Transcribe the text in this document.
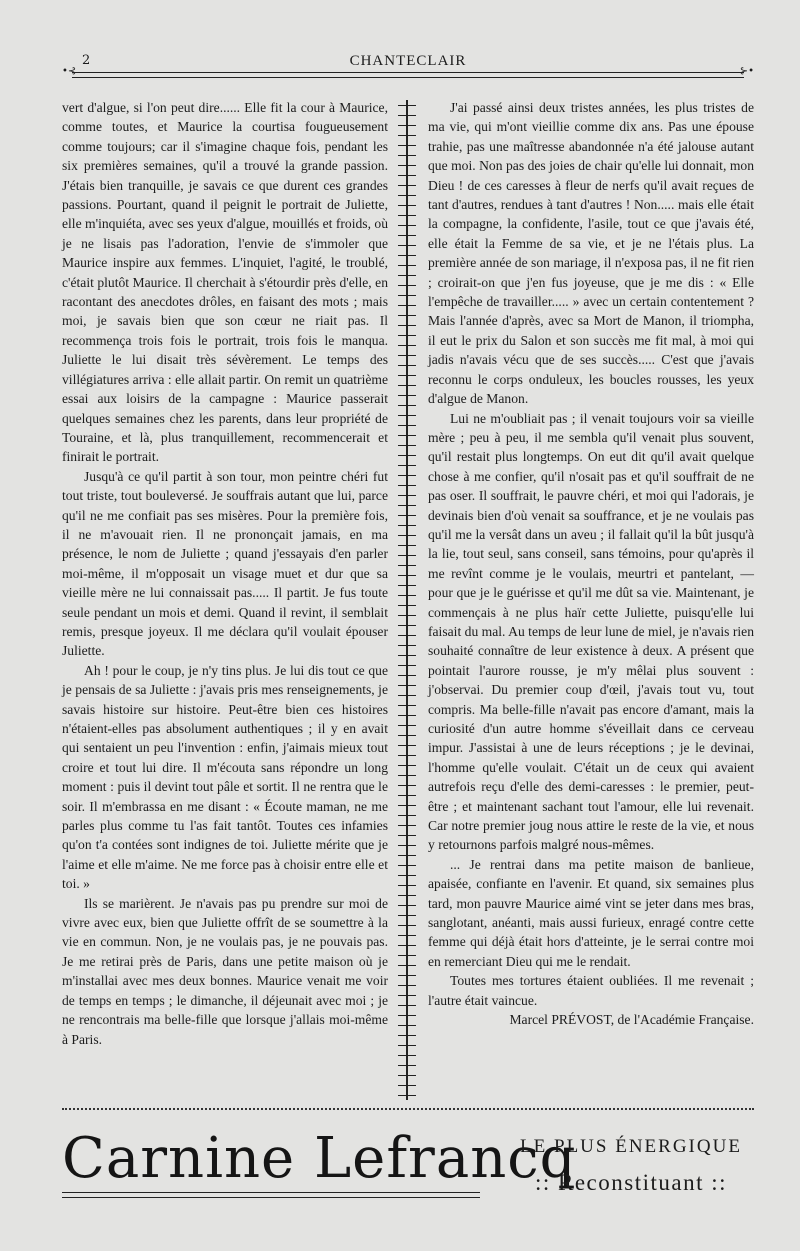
2	CHANTECLAIR
•⊰	⊱•

vert d'algue, si l'on peut dire...... Elle fit la cour à Maurice, comme toutes, et Maurice la courtisa fougueusement comme toujours; car il s'imagine chaque fois, pendant les six premières semaines, qu'il a trouvé la grande passion. J'étais bien tranquille, je savais ce que durent ces grandes passions. Pourtant, quand il peignit le portrait de Juliette, elle m'inquiéta, avec ses yeux d'algue, mouillés et froids, où je ne lisais pas l'adoration, l'envie de s'immoler que Maurice inspire aux femmes. L'inquiet, l'agité, le troublé, c'était plutôt Maurice. Il cherchait à s'étourdir près d'elle, en racontant des anecdotes drôles, en faisant des mots ; mais moi, je savais bien que son cœur ne riait pas. Il recommença trois fois le portrait, trois fois le manqua. Juliette le lui disait très sévèrement. Le temps des villégiatures arriva : elle allait partir. On remit un quatrième essai aux loisirs de la campagne : Maurice passerait quelques semaines chez les parents, dans leur propriété de Touraine, et là, plus tranquillement, recommencerait et finirait le portrait.

Jusqu'à ce qu'il partit à son tour, mon peintre chéri fut tout triste, tout bouleversé. Je souffrais autant que lui, parce qu'il ne me confiait pas ses misères. Pour la première fois, il ne m'avouait rien. Il ne prononçait jamais, en ma présence, le nom de Juliette ; quand j'essayais d'en parler moi-même, il m'opposait un visage muet et dur que sa vieille mère ne lui connaissait pas..... Il partit. Je fus toute seule pendant un mois et demi. Quand il revint, il semblait remis, presque joyeux. Il me déclara qu'il voulait épouser Juliette.

Ah ! pour le coup, je n'y tins plus. Je lui dis tout ce que je pensais de sa Juliette : j'avais pris mes renseignements, je savais histoire sur histoire. Peut-être bien ces histoires n'étaient-elles pas absolument authentiques ; il y en avait qui sentaient un peu l'invention : enfin, j'aimais mieux tout croire et tout lui dire. Il m'écouta sans répondre un long moment : puis il devint tout pâle et sortit. Il ne rentra que le soir. Il m'embrassa en me disant : « Écoute maman, ne me parles plus comme tu l'as fait tantôt. Toutes ces infamies qu'on t'a contées sont indignes de toi. Juliette mérite que je l'aime et elle m'aime. Ne me force pas à choisir entre elle et toi. »

Ils se marièrent. Je n'avais pas pu prendre sur moi de vivre avec eux, bien que Juliette offrît de se soumettre à la vie en commun. Non, je ne voulais pas, je ne pouvais pas. Je me retirai près de Paris, dans une petite maison où je m'installai avec mes deux bonnes. Maurice venait me voir de temps en temps ; le dimanche, il déjeunait avec moi ; je ne rencontrais ma belle-fille que lorsque j'allais moi-même à Paris.

J'ai passé ainsi deux tristes années, les plus tristes de ma vie, qui m'ont vieillie comme dix ans. Pas une épouse trahie, pas une maîtresse abandonnée n'a été jalouse autant que moi. Non pas des joies de chair qu'elle lui donnait, mon Dieu ! de ces caresses à fleur de nerfs qu'il avait reçues de tant d'autres, rendues à tant d'autres ! Non..... mais elle était la compagne, la confidente, l'asile, tout ce que j'avais été, elle était la Femme de sa vie, et je ne l'étais plus. La première année de son mariage, il n'exposa pas, il ne fit rien ; croirait-on que j'en fus joyeuse, que je me dis : « Elle l'empêche de travailler..... » avec un certain contentement ? Mais l'année d'après, avec sa Mort de Manon, il triompha, il eut le prix du Salon et son succès me fit mal, à moi qui jadis n'avais vécu que de ses succès..... C'est que j'avais reconnu le corps onduleux, les boucles rousses, les yeux d'algue de Manon.

Lui ne m'oubliait pas ; il venait toujours voir sa vieille mère ; peu à peu, il me sembla qu'il venait plus souvent, qu'il restait plus longtemps. On eut dit qu'il avait quelque chose à me confier, qu'il n'osait pas et qu'il souffrait de ne pas oser. Il souffrait, le pauvre chéri, et moi qui l'adorais, je devinais bien d'où venait sa souffrance, et je ne voulais pas qu'il me la versât dans un aveu ; il fallait qu'il la bût jusqu'à la lie, tout seul, sans conseil, sans témoins, pour qu'après il me revînt comme je le voulais, meurtri et pantelant, — pour que je le guérisse et qu'il me dût sa vie. Maintenant, je commençais à ne plus haïr cette Juliette, puisqu'elle lui faisait du mal. Au temps de leur lune de miel, je n'avais rien souhaité connaître de leur existence à deux. A présent que pointait l'aurore rousse, je m'y mêlai plus souvent : j'observai. Du premier coup d'œil, j'avais tout vu, tout compris. Ma belle-fille n'avait pas encore d'amant, mais la curiosité d'un autre homme s'éveillait dans ce cerveau impur. J'assistai à une de leurs réceptions ; je le devinai, l'homme qu'elle voulait. C'était un de ceux qui avaient autrefois reçu d'elle des demi-caresses : le premier, peut-être ; et maintenant sachant tout l'amour, elle lui revenait. Car notre premier joug nous attire le reste de la vie, et nous y retournons parfois malgré nous-mêmes.

... Je rentrai dans ma petite maison de banlieue, apaisée, confiante en l'avenir. Et quand, six semaines plus tard, mon pauvre Maurice aimé vint se jeter dans mes bras, sanglotant, anéanti, mais aussi furieux, enragé contre cette femme qui déjà était hors d'atteinte, je le serrai contre moi en remerciant Dieu qui me le rendait.

Toutes mes tortures étaient oubliées. Il me revenait ; l'autre était vaincue.

Marcel PRÉVOST, de l'Académie Française.

Carnine Lefrancq
LE PLUS ÉNERGIQUE
:: Reconstituant ::
